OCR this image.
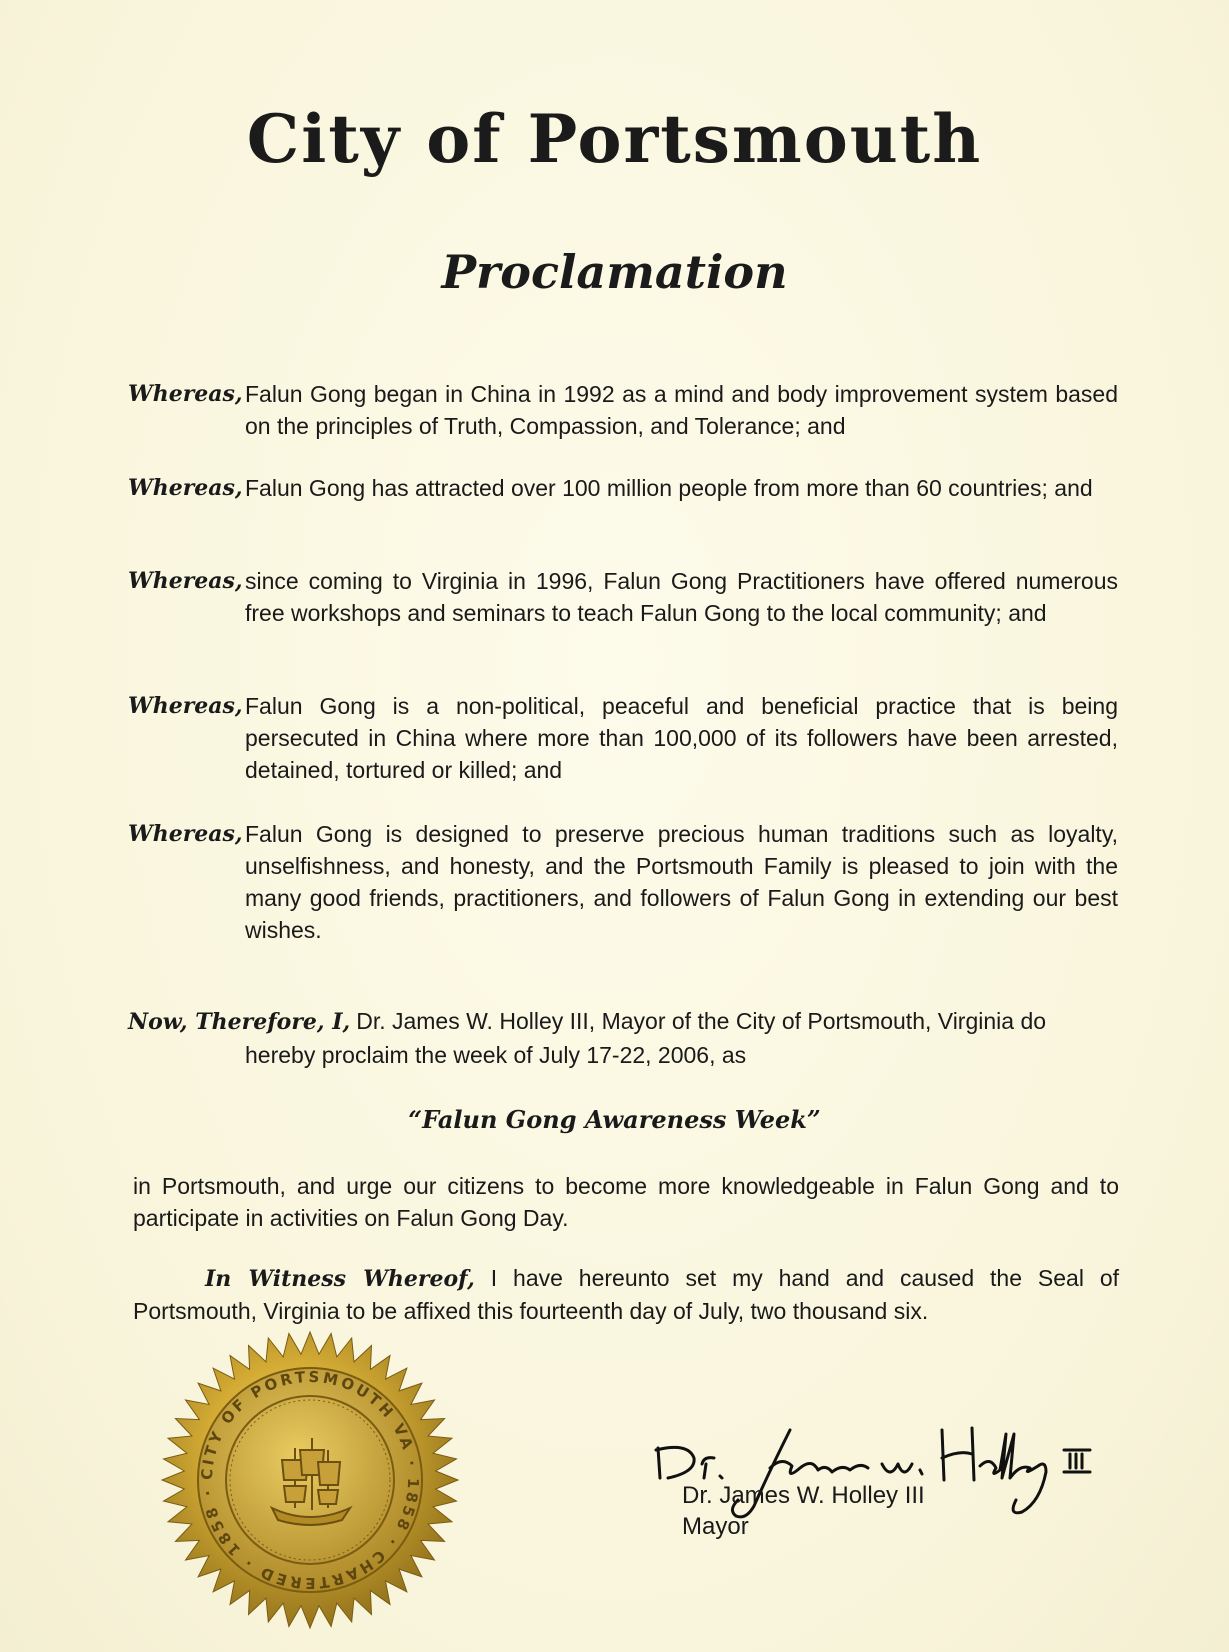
City of Portsmouth
Proclamation
Whereas, Falun Gong began in China in 1992 as a mind and body improvement system based on the principles of Truth, Compassion, and Tolerance; and
Whereas, Falun Gong has attracted over 100 million people from more than 60 countries; and
Whereas, since coming to Virginia in 1996, Falun Gong Practitioners have offered numerous free workshops and seminars to teach Falun Gong to the local community; and
Whereas, Falun Gong is a non-political, peaceful and beneficial practice that is being persecuted in China where more than 100,000 of its followers have been arrested, detained, tortured or killed; and
Whereas, Falun Gong is designed to preserve precious human traditions such as loyalty, unselfishness, and honesty, and the Portsmouth Family is pleased to join with the many good friends, practitioners, and followers of Falun Gong in extending our best wishes.
Now, Therefore, I, Dr. James W. Holley III, Mayor of the City of Portsmouth, Virginia do
hereby proclaim the week of July 17-22, 2006, as
“Falun Gong Awareness Week”
in Portsmouth, and urge our citizens to become more knowledgeable in Falun Gong and to participate in activities on Falun Gong Day.
In Witness Whereof, I have hereunto set my hand and caused the Seal of Portsmouth, Virginia to be affixed this fourteenth day of July, two thousand six.
CITY OF PORTSMOUTH VA · 1858 · CHARTERED · 1858 ·	Dr. James W. Holley III
Mayor
